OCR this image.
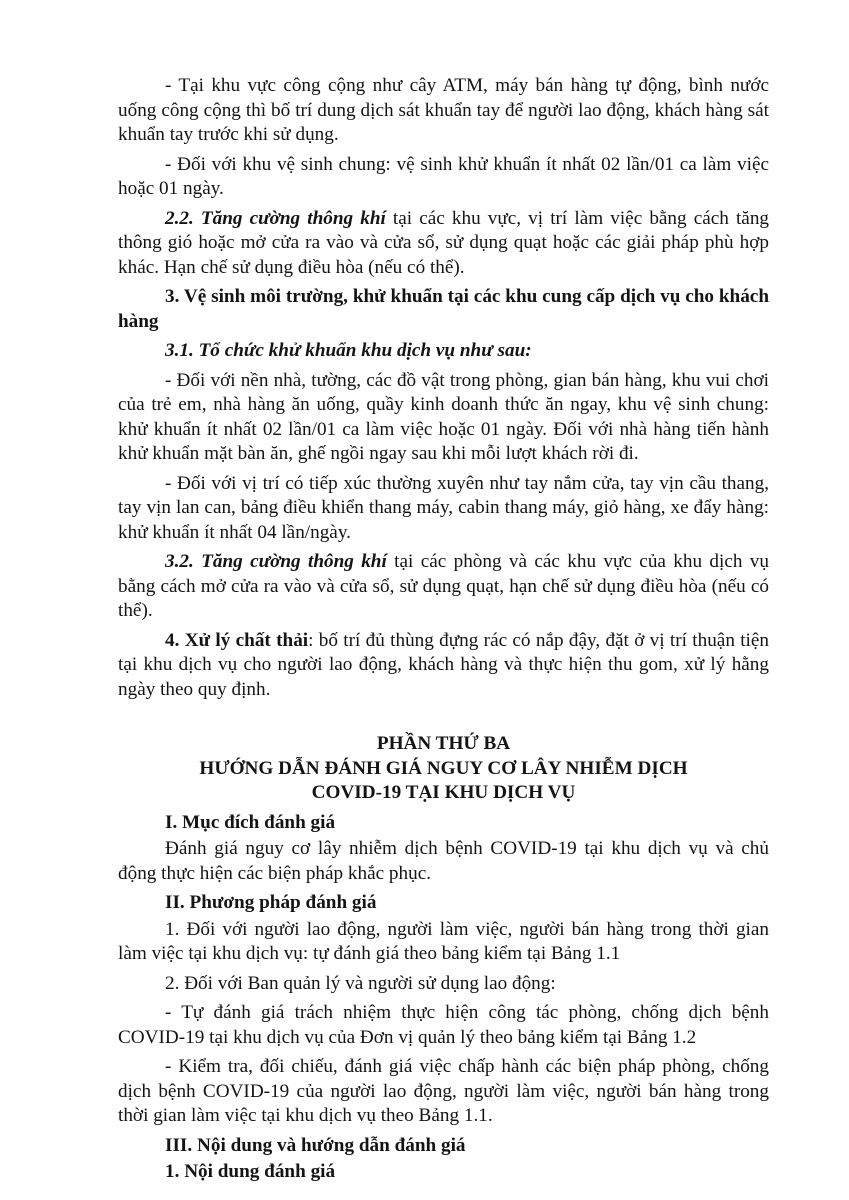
- Tại khu vực công cộng như cây ATM, máy bán hàng tự động, bình nước uống công cộng thì bố trí dung dịch sát khuẩn tay để người lao động, khách hàng sát khuẩn tay trước khi sử dụng.

- Đối với khu vệ sinh chung: vệ sinh khử khuẩn ít nhất 02 lần/01 ca làm việc hoặc 01 ngày.

2.2. Tăng cường thông khí tại các khu vực, vị trí làm việc bằng cách tăng thông gió hoặc mở cửa ra vào và cửa sổ, sử dụng quạt hoặc các giải pháp phù hợp khác. Hạn chế sử dụng điều hòa (nếu có thể).

3. Vệ sinh môi trường, khử khuẩn tại các khu cung cấp dịch vụ cho khách hàng

3.1. Tổ chức khử khuẩn khu dịch vụ như sau:

- Đối với nền nhà, tường, các đồ vật trong phòng, gian bán hàng, khu vui chơi của trẻ em, nhà hàng ăn uống, quầy kinh doanh thức ăn ngay, khu vệ sinh chung: khử khuẩn ít nhất 02 lần/01 ca làm việc hoặc 01 ngày. Đối với nhà hàng tiến hành khử khuẩn mặt bàn ăn, ghế ngồi ngay sau khi mỗi lượt khách rời đi.

- Đối với vị trí có tiếp xúc thường xuyên như tay nắm cửa, tay vịn cầu thang, tay vịn lan can, bảng điều khiển thang máy, cabin thang máy, giỏ hàng, xe đẩy hàng: khử khuẩn ít nhất 04 lần/ngày.

3.2. Tăng cường thông khí tại các phòng và các khu vực của khu dịch vụ bằng cách mở cửa ra vào và cửa sổ, sử dụng quạt, hạn chế sử dụng điều hòa (nếu có thể).

4. Xử lý chất thải: bố trí đủ thùng đựng rác có nắp đậy, đặt ở vị trí thuận tiện tại khu dịch vụ cho người lao động, khách hàng và thực hiện thu gom, xử lý hằng ngày theo quy định.

PHẦN THỨ BA

HƯỚNG DẪN ĐÁNH GIÁ NGUY CƠ LÂY NHIỄM DỊCH

COVID-19 TẠI KHU DỊCH VỤ

I. Mục đích đánh giá

Đánh giá nguy cơ lây nhiễm dịch bệnh COVID-19 tại khu dịch vụ và chủ động thực hiện các biện pháp khắc phục.

II. Phương pháp đánh giá

1. Đối với người lao động, người làm việc, người bán hàng trong thời gian làm việc tại khu dịch vụ: tự đánh giá theo bảng kiểm tại Bảng 1.1

2. Đối với Ban quản lý và người sử dụng lao động:

- Tự đánh giá trách nhiệm thực hiện công tác phòng, chống dịch bệnh COVID-19 tại khu dịch vụ của Đơn vị quản lý theo bảng kiểm tại Bảng 1.2

- Kiểm tra, đối chiếu, đánh giá việc chấp hành các biện pháp phòng, chống dịch bệnh COVID-19 của người lao động, người làm việc, người bán hàng trong thời gian làm việc tại khu dịch vụ theo Bảng 1.1.

III. Nội dung và hướng dẫn đánh giá

1. Nội dung đánh giá
